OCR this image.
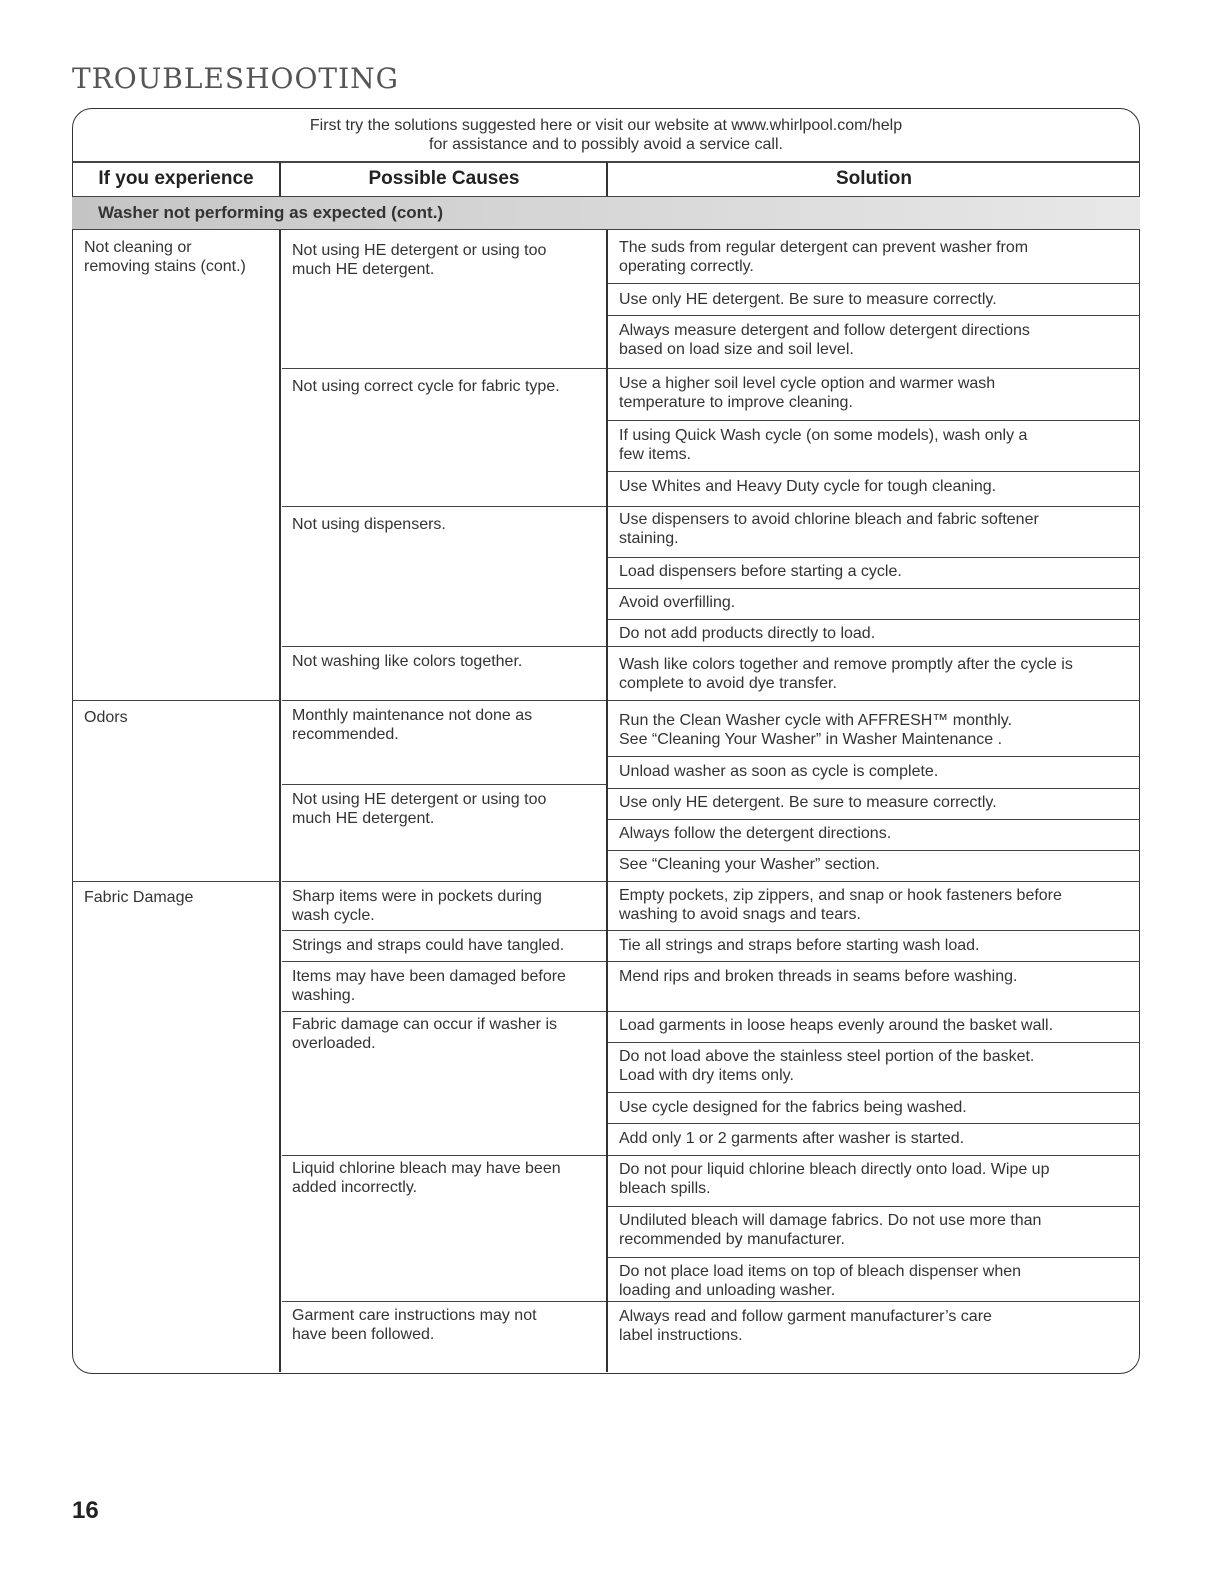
TROUBLESHOOTING
First try the solutions suggested here or visit our website at www.whirlpool.com/help
for assistance and to possibly avoid a service call.
If you experience	Possible Causes	Solution
Washer not performing as expected (cont.)
Not cleaning or
removing stains (cont.)
Odors
Fabric Damage
Not using HE detergent or using too
much HE detergent.
Not using correct cycle for fabric type.
Not using dispensers.
Not washing like colors together.
Monthly maintenance not done as
recommended.
Not using HE detergent or using too
much HE detergent.
Sharp items were in pockets during
wash cycle.
Strings and straps could have tangled.
Items may have been damaged before
washing.
Fabric damage can occur if washer is
overloaded.
Liquid chlorine bleach may have been
added incorrectly.
Garment care instructions may not
have been followed.
The suds from regular detergent can prevent washer from
operating correctly.
Use only HE detergent. Be sure to measure correctly.
Always measure detergent and follow detergent directions
based on load size and soil level.
Use a higher soil level cycle option and warmer wash
temperature to improve cleaning.
If using Quick Wash cycle (on some models), wash only a
few items.
Use Whites and Heavy Duty cycle for tough cleaning.
Use dispensers to avoid chlorine bleach and fabric softener
staining.
Load dispensers before starting a cycle.
Avoid overfilling.
Do not add products directly to load.
Wash like colors together and remove promptly after the cycle is
complete to avoid dye transfer.
Run the Clean Washer cycle with AFFRESH™ monthly.
See “Cleaning Your Washer” in Washer Maintenance .
Unload washer as soon as cycle is complete.
Use only HE detergent. Be sure to measure correctly.
Always follow the detergent directions.
See “Cleaning your Washer” section.
Empty pockets, zip zippers, and snap or hook fasteners before
washing to avoid snags and tears.
Tie all strings and straps before starting wash load.
Mend rips and broken threads in seams before washing.
Load garments in loose heaps evenly around the basket wall.
Do not load above the stainless steel portion of the basket.
Load with dry items only.
Use cycle designed for the fabrics being washed.
Add only 1 or 2 garments after washer is started.
Do not pour liquid chlorine bleach directly onto load. Wipe up
bleach spills.
Undiluted bleach will damage fabrics. Do not use more than
recommended by manufacturer.
Do not place load items on top of bleach dispenser when
loading and unloading washer.
Always read and follow garment manufacturer’s care
label instructions.
16
